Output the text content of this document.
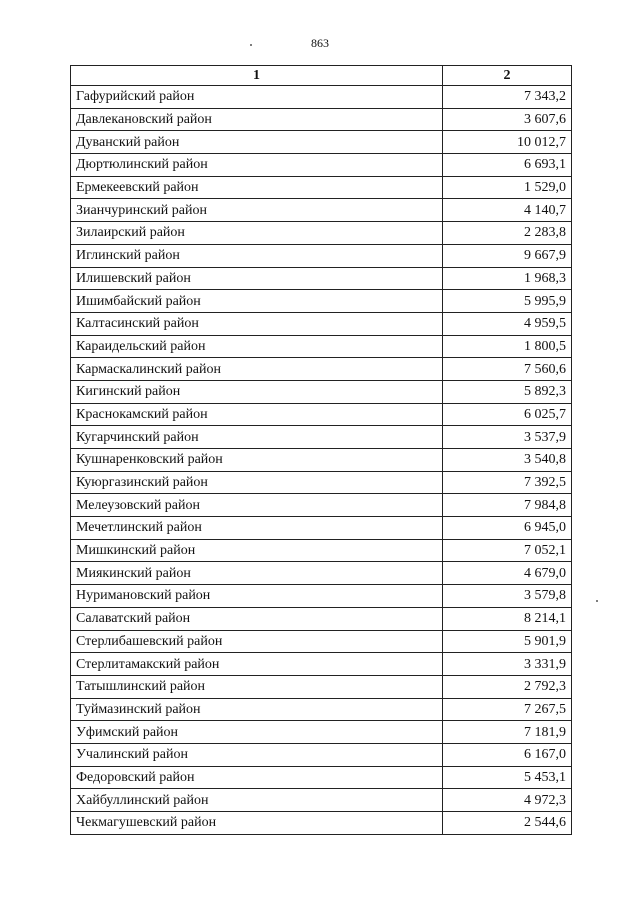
863
1	2
Гафурийский район	7 343,2
Давлекановский район	3 607,6
Дуванский район	10 012,7
Дюртюлинский район	6 693,1
Ермекеевский район	1 529,0
Зианчуринский район	4 140,7
Зилаирский район	2 283,8
Иглинский район	9 667,9
Илишевский район	1 968,3
Ишимбайский район	5 995,9
Калтасинский район	4 959,5
Караидельский район	1 800,5
Кармаскалинский район	7 560,6
Кигинский район	5 892,3
Краснокамский район	6 025,7
Кугарчинский район	3 537,9
Кушнаренковский район	3 540,8
Куюргазинский район	7 392,5
Мелеузовский район	7 984,8
Мечетлинский район	6 945,0
Мишкинский район	7 052,1
Миякинский район	4 679,0
Нуримановский район	3 579,8
Салаватский район	8 214,1
Стерлибашевский район	5 901,9
Стерлитамакский район	3 331,9
Татышлинский район	2 792,3
Туймазинский район	7 267,5
Уфимский район	7 181,9
Учалинский район	6 167,0
Федоровский район	5 453,1
Хайбуллинский район	4 972,3
Чекмагушевский район	2 544,6
